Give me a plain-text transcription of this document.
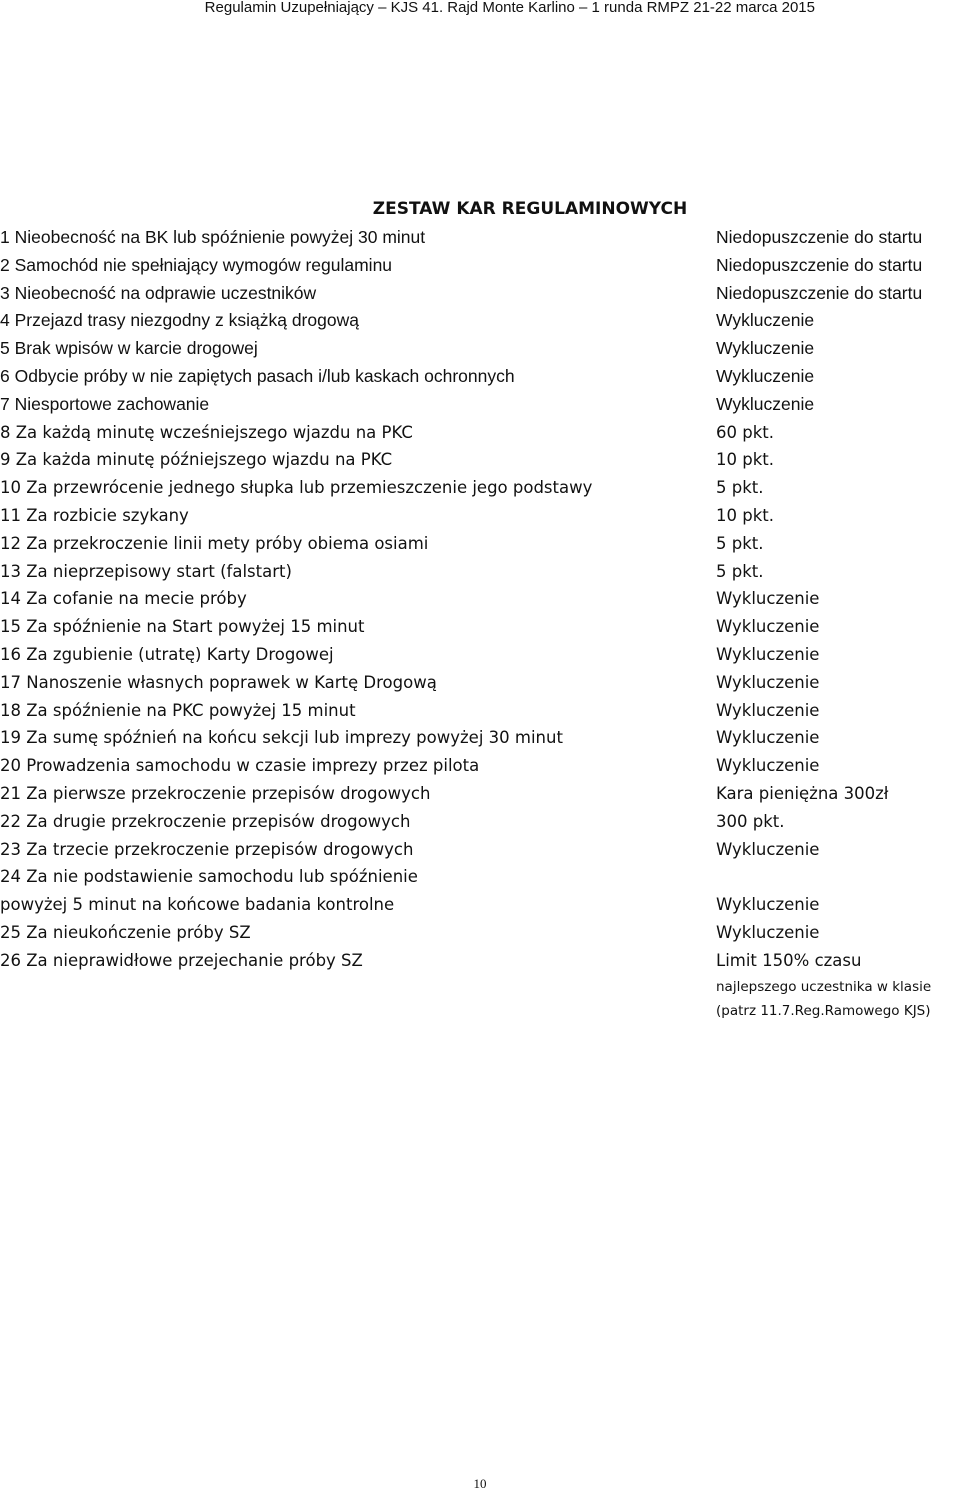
Regulamin Uzupełniający – KJS 41. Rajd Monte Karlino – 1 runda RMPZ 21-22 marca 2015
ZESTAW KAR REGULAMINOWYCH
1 Nieobecność na BK lub spóźnienie powyżej 30 minut	Niedopuszczenie do startu
2 Samochód nie spełniający wymogów regulaminu	Niedopuszczenie do startu
3 Nieobecność na odprawie uczestników	Niedopuszczenie do startu
4 Przejazd trasy niezgodny z książką drogową	Wykluczenie
5 Brak wpisów w karcie drogowej	Wykluczenie
6 Odbycie próby w nie zapiętych pasach i/lub kaskach ochronnych	Wykluczenie
7 Niesportowe zachowanie	Wykluczenie
8 Za każdą minutę wcześniejszego wjazdu na PKC	60 pkt.
9 Za każda minutę późniejszego wjazdu na PKC	10 pkt.
10 Za przewrócenie jednego słupka lub przemieszczenie jego podstawy	5 pkt.
11 Za rozbicie szykany	10 pkt.
12 Za przekroczenie linii mety próby obiema osiami	5 pkt.
13 Za nieprzepisowy start (falstart)	5 pkt.
14 Za cofanie na mecie próby	Wykluczenie
15 Za spóźnienie na Start powyżej 15 minut	Wykluczenie
16 Za zgubienie (utratę) Karty Drogowej	Wykluczenie
17 Nanoszenie własnych poprawek w Kartę Drogową	Wykluczenie
18 Za spóźnienie na PKC powyżej 15 minut	Wykluczenie
19 Za sumę spóźnień na końcu sekcji lub imprezy powyżej 30 minut	Wykluczenie
20 Prowadzenia samochodu w czasie imprezy przez pilota	Wykluczenie
21 Za pierwsze przekroczenie przepisów drogowych	Kara pieniężna 300zł
22 Za drugie przekroczenie przepisów drogowych	300 pkt.
23 Za trzecie przekroczenie przepisów drogowych	Wykluczenie
24 Za nie podstawienie samochodu lub spóźnienie
powyżej 5 minut na końcowe badania kontrolne	Wykluczenie
25 Za nieukończenie próby SZ	Wykluczenie
26 Za nieprawidłowe przejechanie próby SZ	Limit 150% czasu
najlepszego uczestnika w klasie
(patrz 11.7.Reg.Ramowego KJS)
10
